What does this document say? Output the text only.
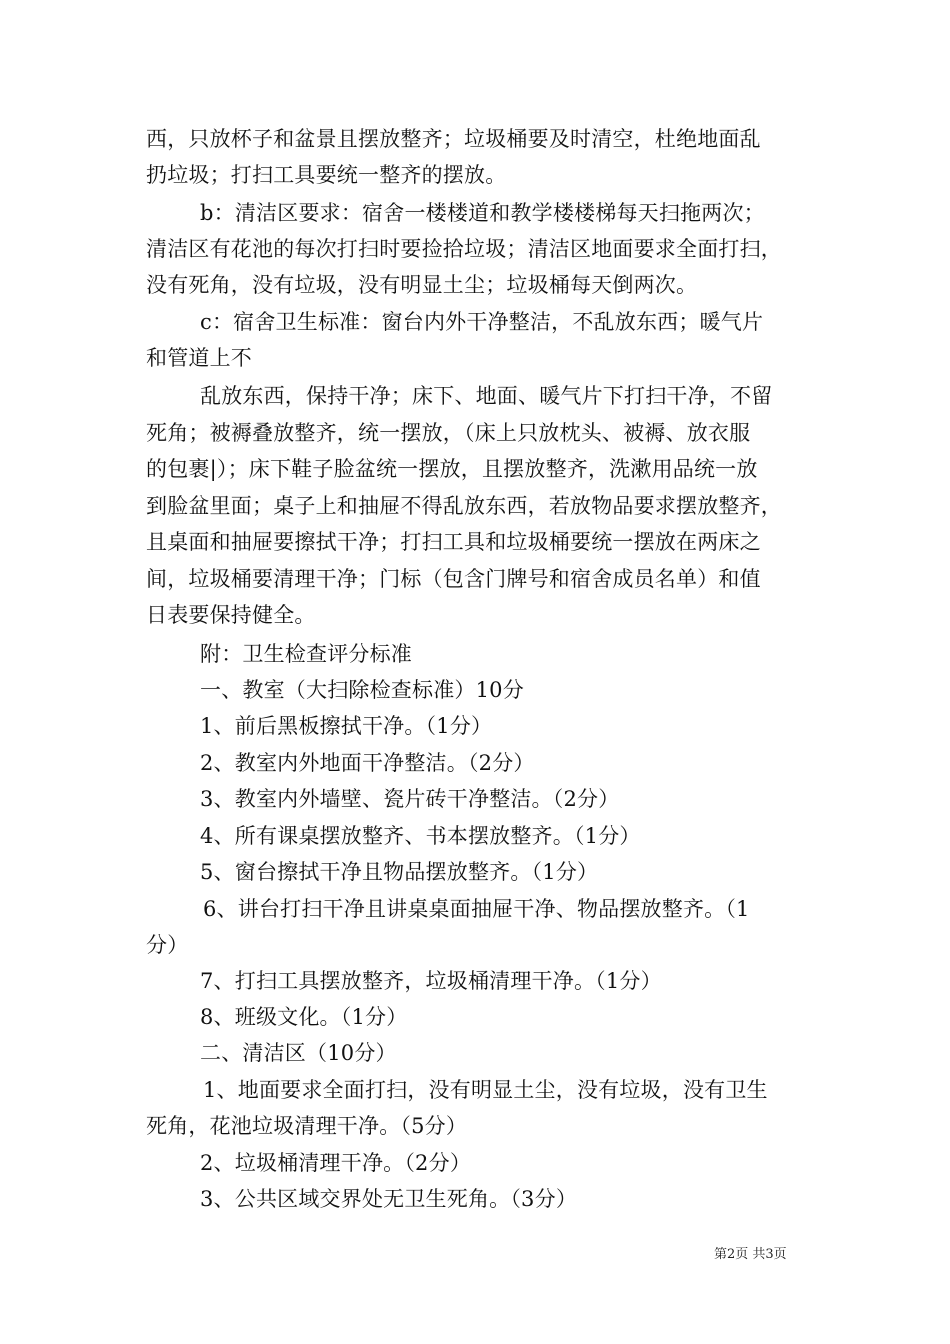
西，只放杯子和盆景且摆放整齐；垃圾桶要及时清空，杜绝地面乱
扔垃圾；打扫工具要统一整齐的摆放。
b：清洁区要求：宿舍一楼楼道和教学楼楼梯每天扫拖两次；
清洁区有花池的每次打扫时要捡拾垃圾；清洁区地面要求全面打扫，
没有死角，没有垃圾，没有明显土尘；垃圾桶每天倒两次。
c：宿舍卫生标准：窗台内外干净整洁，不乱放东西；暖气片
和管道上不
乱放东西，保持干净；床下、地面、暖气片下打扫干净，不留
死角；被褥叠放整齐，统一摆放，（床上只放枕头、被褥、放衣服
的包裹|）；床下鞋子脸盆统一摆放，且摆放整齐，洗漱用品统一放
到脸盆里面；桌子上和抽屉不得乱放东西，若放物品要求摆放整齐，
且桌面和抽屉要擦拭干净；打扫工具和垃圾桶要统一摆放在两床之
间，垃圾桶要清理干净；门标（包含门牌号和宿舍成员名单）和值
日表要保持健全。
附：卫生检查评分标准
一、教室（大扫除检查标准）10分
1、前后黑板擦拭干净。（1分）
2、教室内外地面干净整洁。（2分）
3、教室内外墙壁、瓷片砖干净整洁。（2分）
4、所有课桌摆放整齐、书本摆放整齐。（1分）
5、窗台擦拭干净且物品摆放整齐。（1分）
6、讲台打扫干净且讲桌桌面抽屉干净、物品摆放整齐。（1
分）
7、打扫工具摆放整齐，垃圾桶清理干净。（1分）
8、班级文化。（1分）
二、清洁区（10分）
1、地面要求全面打扫，没有明显土尘，没有垃圾，没有卫生
死角，花池垃圾清理干净。（5分）
2、垃圾桶清理干净。（2分）
3、公共区域交界处无卫生死角。（3分）
第2页 共3页
